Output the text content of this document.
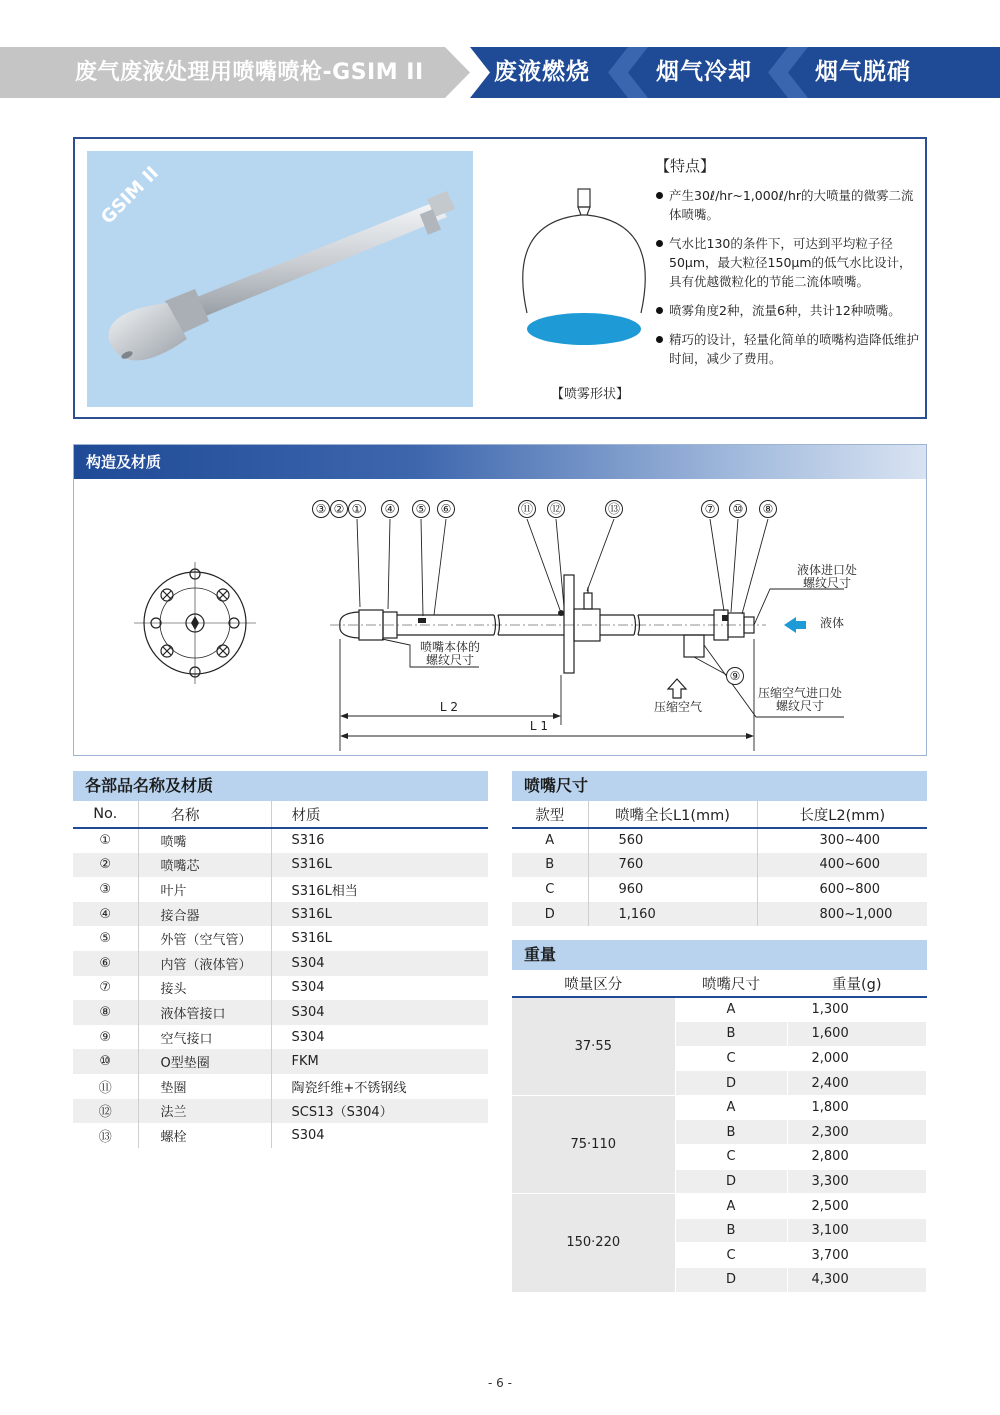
废气废液处理用喷嘴喷枪-GSIM II	废液燃烧	烟气冷却	烟气脱硝
GSIM II
【喷雾形状】
【特点】
产生30ℓ/hr~1,000ℓ/hr的大喷量的微雾二流体喷嘴。
气水比130的条件下，可达到平均粒子径50μm，最大粒径150μm的低气水比设计，具有优越微粒化的节能二流体喷嘴。
喷雾角度2种，流量6种，共计12种喷嘴。
精巧的设计，轻量化简单的喷嘴构造降低维护时间，减少了费用。
构造及材质
③ ② ① ④ ⑤ ⑥	⑪ ⑫	⑬	⑦ ⑩ ⑧
⑨
液体进口处
螺纹尺寸
液体
喷嘴本体的
螺纹尺寸
压缩空气
压缩空气进口处
螺纹尺寸
L 2
L 1
各部品名称及材质
No.	名称	材质
①	喷嘴	S316
②	喷嘴芯	S316L
③	叶片	S316L相当
④	接合器	S316L
⑤	外管（空气管）	S316L
⑥	内管（液体管）	S304
⑦	接头	S304
⑧	液体管接口	S304
⑨	空气接口	S304
⑩	O型垫圈	FKM
⑪	垫圈	陶瓷纤维+不锈钢线
⑫	法兰	SCS13（S304）
⑬	螺栓	S304
喷嘴尺寸
款型	喷嘴全长L1(mm)	长度L2(mm)
A	560	300~400
B	760	400~600
C	960	600~800
D	1,160	800~1,000
重量
喷量区分	喷嘴尺寸	重量(g)
37·55	A	1,300
	B	1,600
	C	2,000
	D	2,400
75·110	A	1,800
	B	2,300
	C	2,800
	D	3,300
150·220	A	2,500
	B	3,100
	C	3,700
	D	4,300
- 6 -
